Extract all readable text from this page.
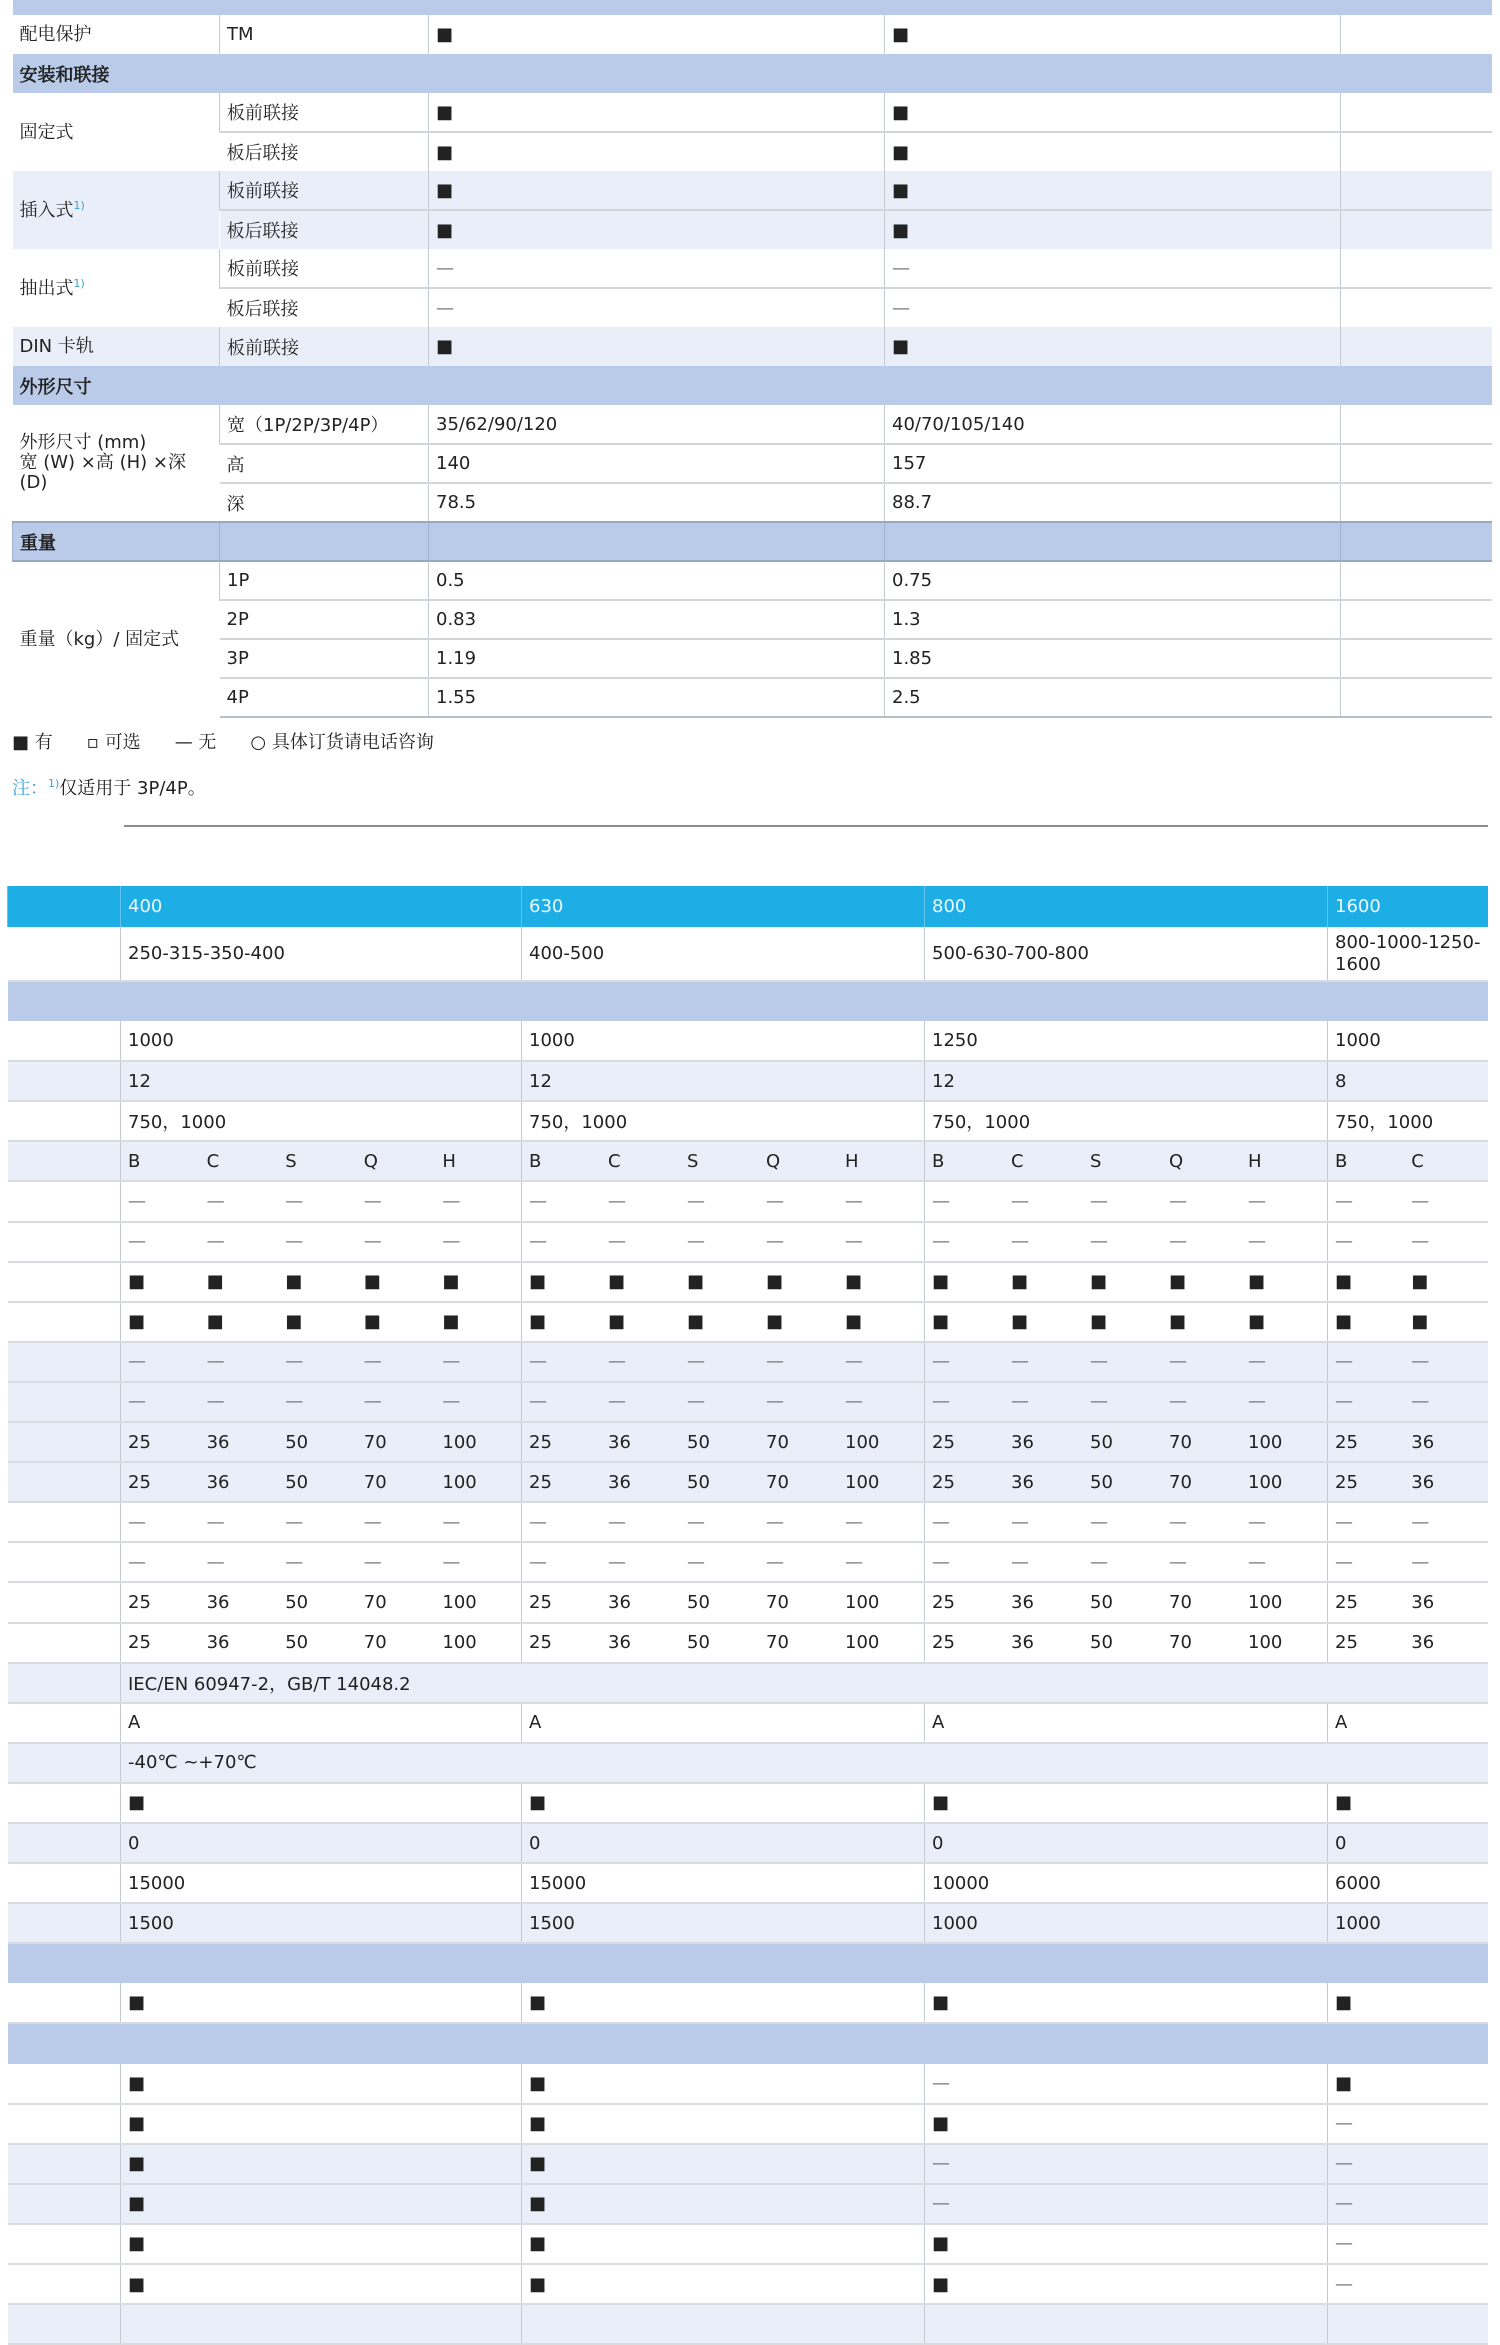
配电保护	TM	■	■	
安装和联接				
固定式	板前联接	■	■	
	板后联接	■	■	
插入式$^{1)}$	板前联接	■	■	
	板后联接	■	■	
抽出式$^{1)}$	板前联接	—	—	
	板后联接	—	—	
DIN 卡轨	板前联接	■	■	
外形尺寸				
外形尺寸 (mm)
宽 (W) ×高 (H) ×深 (D)	宽（1P/2P/3P/4P）	35/62/90/120	40/70/105/140	
	高	140	157	
	深	78.5	88.7	
重量				
重量（kg）/ 固定式	1P	0.5	0.75	
	2P	0.83	1.3	
	3P	1.19	1.85	
	4P	1.55	2.5	
■ 有 ▫ 可选 — 无 ○ 具体订货请电话咨询
注：$^{1)}$仅适用于 3P/4P。
	400	630	800	1600
	250-315-350-400	400-500	500-630-700-800	800-1000-1250-1600

	1000	1000	1250	1000
	12	12	12	8
	750，1000	750，1000	750，1000	750，1000

	B C S Q H	B C S Q H	B C S Q H	B C

	— — — — —	— — — — —	— — — — —	— —

	— — — — —	— — — — —	— — — — —	— —

	■ ■ ■ ■ ■	■ ■ ■ ■ ■	■ ■ ■ ■ ■	■ ■

	■ ■ ■ ■ ■	■ ■ ■ ■ ■	■ ■ ■ ■ ■	■ ■

	— — — — —	— — — — —	— — — — —	— —

	— — — — —	— — — — —	— — — — —	— —

	25 36 50 70 100	25 36 50 70 100	25 36 50 70 100	25 36

	25 36 50 70 100	25 36 50 70 100	25 36 50 70 100	25 36

	— — — — —	— — — — —	— — — — —	— —

	— — — — —	— — — — —	— — — — —	— —

	25 36 50 70 100	25 36 50 70 100	25 36 50 70 100	25 36

	25 36 50 70 100	25 36 50 70 100	25 36 50 70 100	25 36

	IEC/EN 60947-2，GB/T 14048.2			
	A	A	A	A
	-40℃ ~+70℃			
	■	■	■	■
	0	0	0	0
	15000	15000	10000	6000
	1500	1500	1000	1000

	■	■	■	■

	■	■	—	■
	■	■	■	—
	■	■	—	—
	■	■	—	—
	■	■	■	—
	■	■	■	—
